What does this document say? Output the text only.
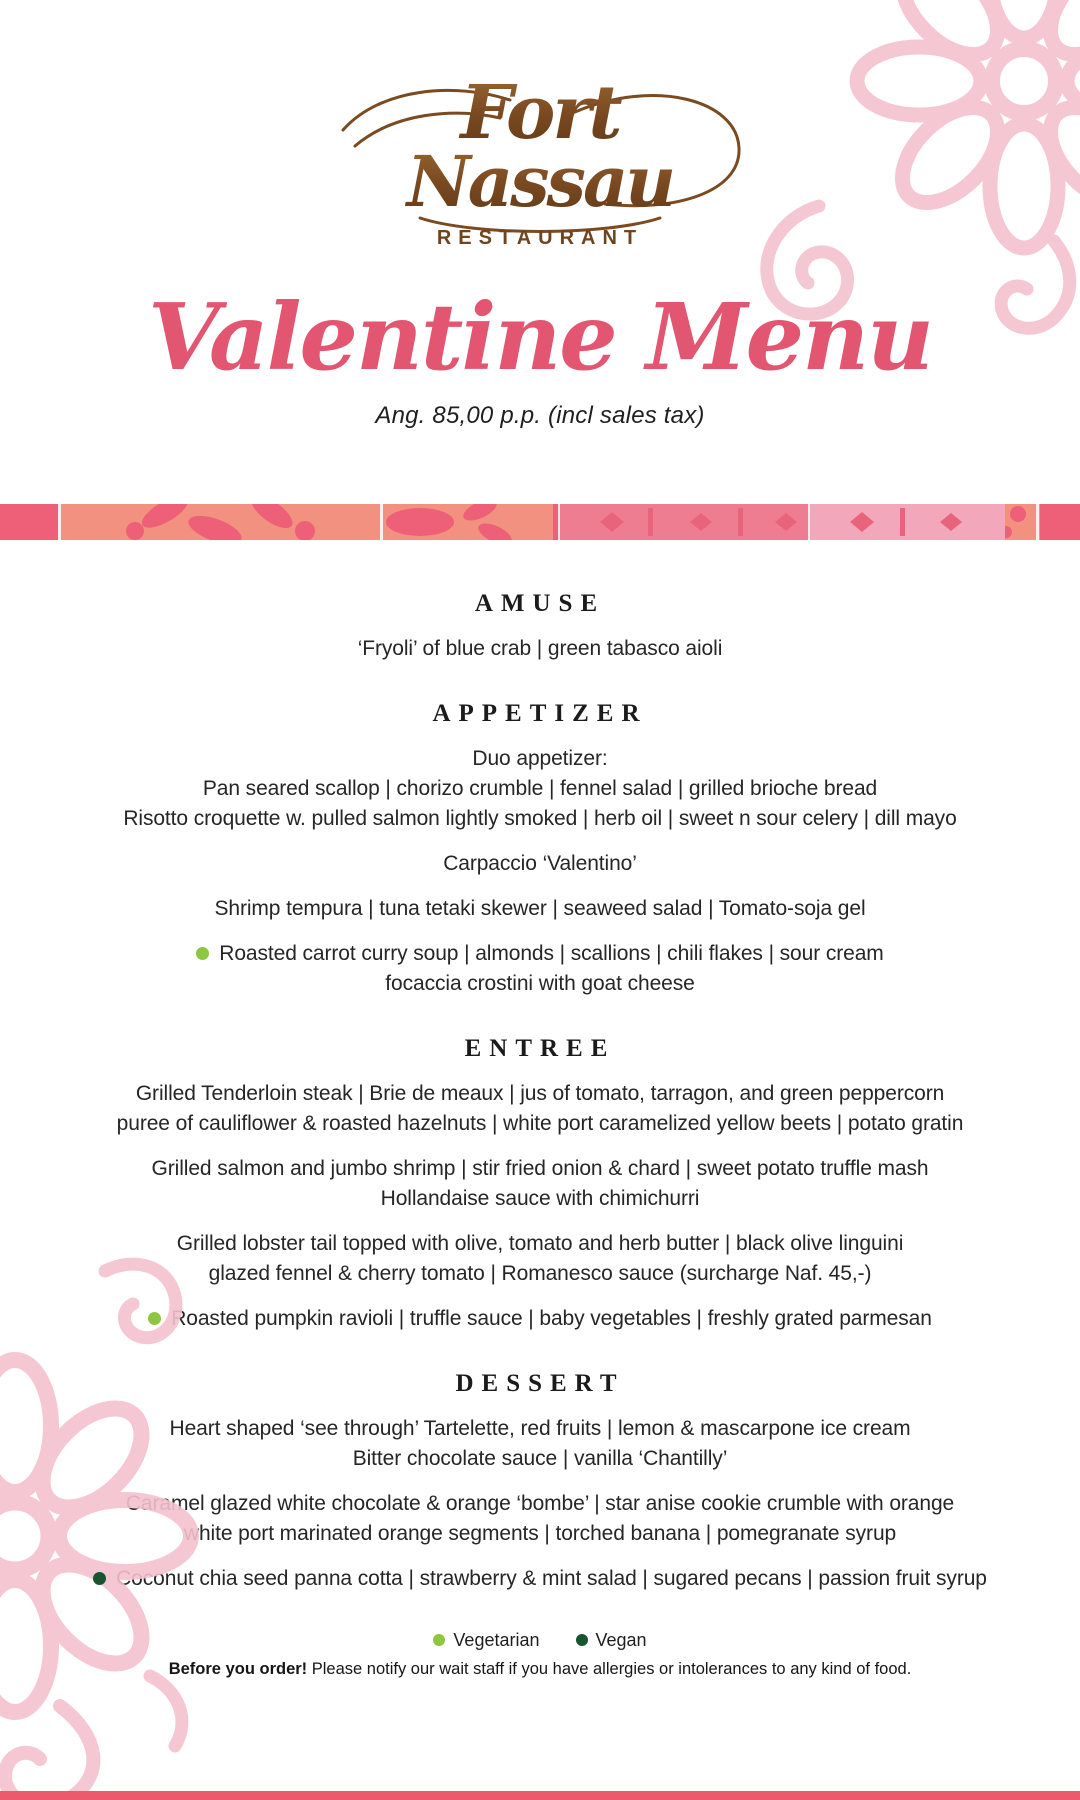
Fort
Nassau
RESTAURANT
Valentine Menu
Ang. 85,00 p.p. (incl sales tax)
AMUSE
‘Fryoli’ of blue crab | green tabasco aioli
APPETIZER
Duo appetizer:
Pan seared scallop | chorizo crumble | fennel salad | grilled brioche bread
Risotto croquette w. pulled salmon lightly smoked | herb oil | sweet n sour celery | dill mayo
Carpaccio ‘Valentino’
Shrimp tempura | tuna tetaki skewer | seaweed salad | Tomato-soja gel
Roasted carrot curry soup | almonds | scallions | chili flakes | sour cream
focaccia crostini with goat cheese
ENTREE
Grilled Tenderloin steak | Brie de meaux | jus of tomato, tarragon, and green peppercorn
puree of cauliflower & roasted hazelnuts | white port caramelized yellow beets | potato gratin
Grilled salmon and jumbo shrimp | stir fried onion & chard | sweet potato truffle mash
Hollandaise sauce with chimichurri
Grilled lobster tail topped with olive, tomato and herb butter | black olive linguini
glazed fennel & cherry tomato | Romanesco sauce (surcharge Naf. 45,-)
Roasted pumpkin ravioli | truffle sauce | baby vegetables | freshly grated parmesan
DESSERT
Heart shaped ‘see through’ Tartelette, red fruits | lemon & mascarpone ice cream
Bitter chocolate sauce | vanilla ‘Chantilly’
Caramel glazed white chocolate & orange ‘bombe’ | star anise cookie crumble with orange
white port marinated orange segments | torched banana | pomegranate syrup
Coconut chia seed panna cotta | strawberry & mint salad | sugared pecans | passion fruit syrup
Vegetarian	Vegan
Before you order! Please notify our wait staff if you have allergies or intolerances to any kind of food.
